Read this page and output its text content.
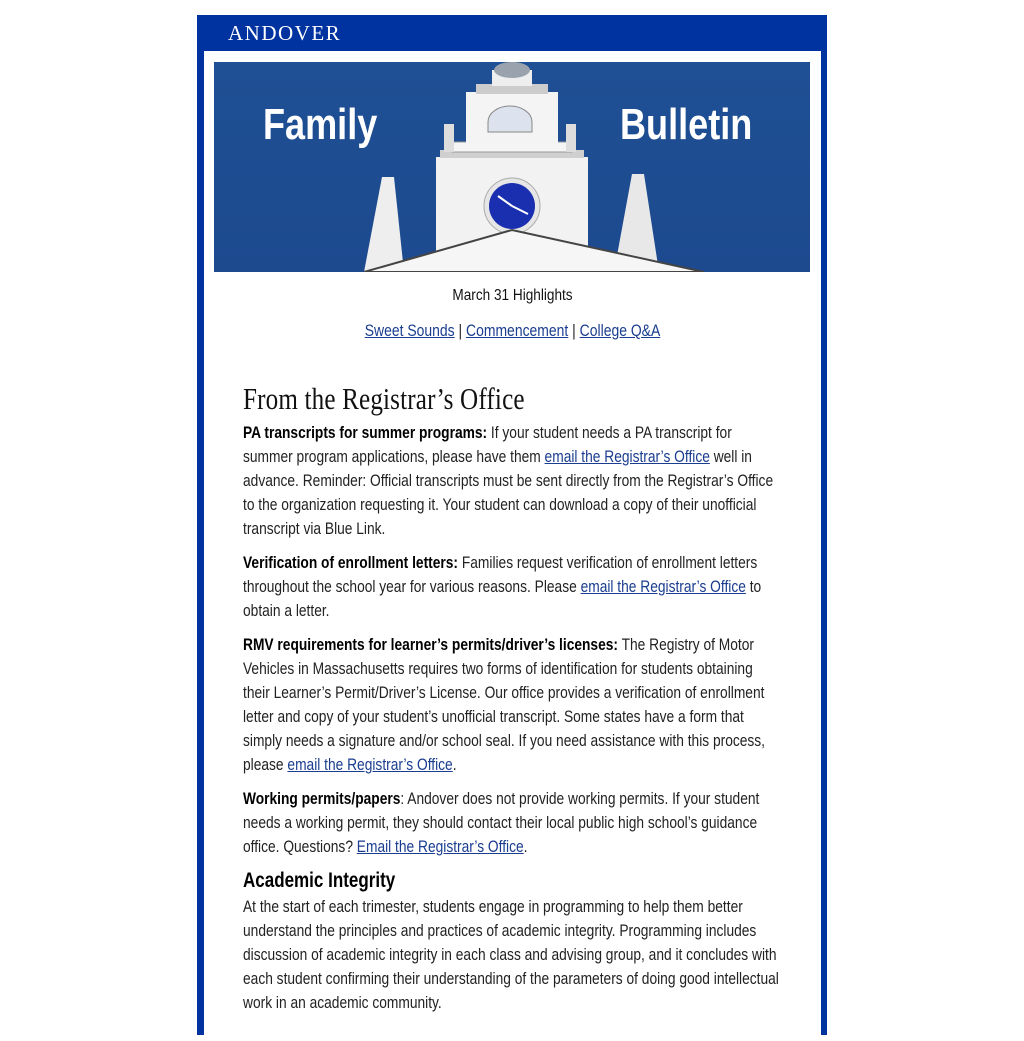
ANDOVER
Family	Bulletin
March 31 Highlights
Sweet Sounds | Commencement | College Q&A
From the Registrar’s Office

PA transcripts for summer programs: If your student needs a PA transcript for summer program applications, please have them email the Registrar’s Office well in advance. Reminder: Official transcripts must be sent directly from the Registrar’s Office to the organization requesting it. Your student can download a copy of their unofficial transcript via Blue Link.

Verification of enrollment letters: Families request verification of enrollment letters throughout the school year for various reasons. Please email the Registrar’s Office to obtain a letter.

RMV requirements for learner’s permits/driver’s licenses: The Registry of Motor Vehicles in Massachusetts requires two forms of identification for students obtaining their Learner’s Permit/Driver’s License. Our office provides a verification of enrollment letter and copy of your student’s unofficial transcript. Some states have a form that simply needs a signature and/or school seal. If you need assistance with this process, please email the Registrar’s Office.

Working permits/papers: Andover does not provide working permits. If your student needs a working permit, they should contact their local public high school’s guidance office. Questions? Email the Registrar’s Office.

Academic Integrity

At the start of each trimester, students engage in programming to help them better understand the principles and practices of academic integrity. Programming includes discussion of academic integrity in each class and advising group, and it concludes with each student confirming their understanding of the parameters of doing good intellectual work in an academic community.
